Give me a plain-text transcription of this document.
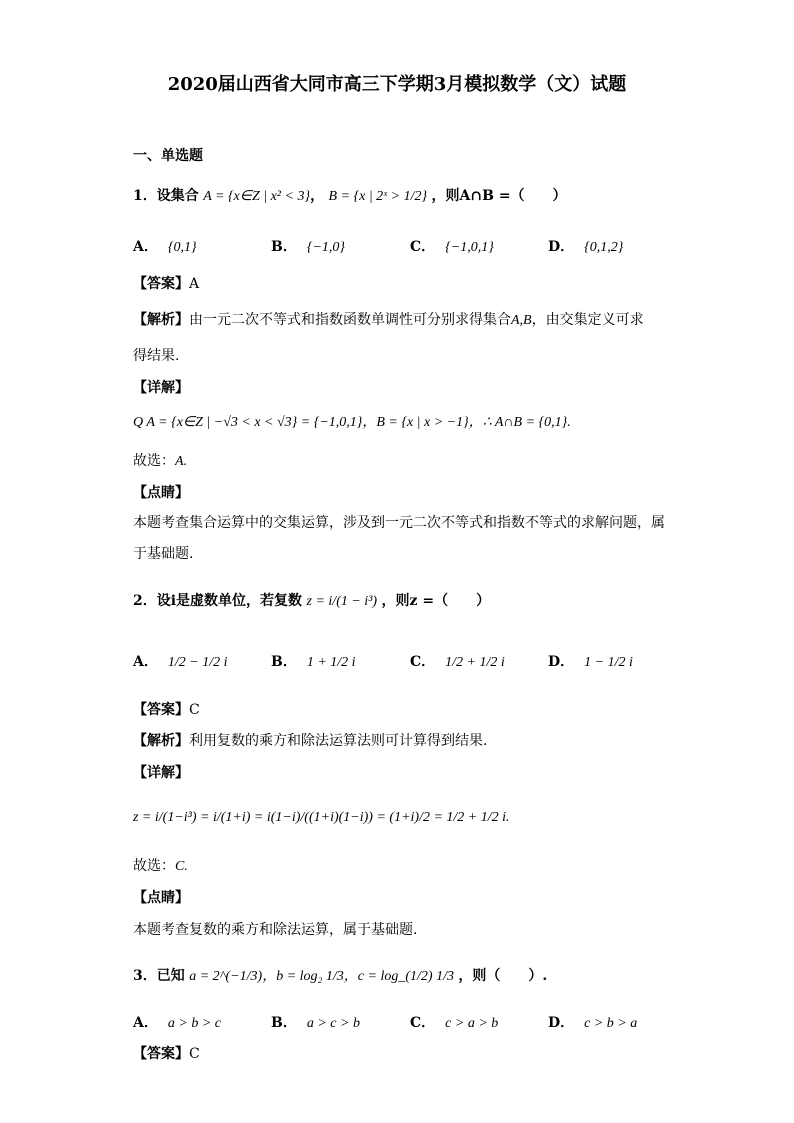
2020届山西省大同市高三下学期3月模拟数学（文）试题
一、单选题
1．设集合 A = {x∈Z | x² < 3}， B = {x | 2ˣ > 1/2} ，则A∩B =（　　）
A． {0,1}	B． {−1,0}	C． {−1,0,1}	D． {0,1,2}
【答案】A
【解析】由一元二次不等式和指数函数单调性可分别求得集合A,B，由交集定义可求
得结果.
【详解】
Q A = {x∈Z | −√3 < x < √3} = {−1,0,1}，B = {x | x > −1}，∴ A∩B = {0,1}.
故选：A.
【点睛】
本题考查集合运算中的交集运算，涉及到一元二次不等式和指数不等式的求解问题，属
于基础题.
2．设i是虚数单位，若复数 z = i/(1 − i³) ，则z =（　　）
A． 1/2 − 1/2 i	B． 1 + 1/2 i	C． 1/2 + 1/2 i	D． 1 − 1/2 i
【答案】C
【解析】利用复数的乘方和除法运算法则可计算得到结果.
【详解】
z = i/(1−i³) = i/(1+i) = i(1−i)/((1+i)(1−i)) = (1+i)/2 = 1/2 + 1/2 i.
故选：C.
【点睛】
本题考查复数的乘方和除法运算，属于基础题.
3．已知 a = 2^(−1/3)，b = log₂ 1/3，c = log_(1/2) 1/3 ，则（　　）.
A． a > b > c	B． a > c > b	C． c > a > b	D． c > b > a
【答案】C
